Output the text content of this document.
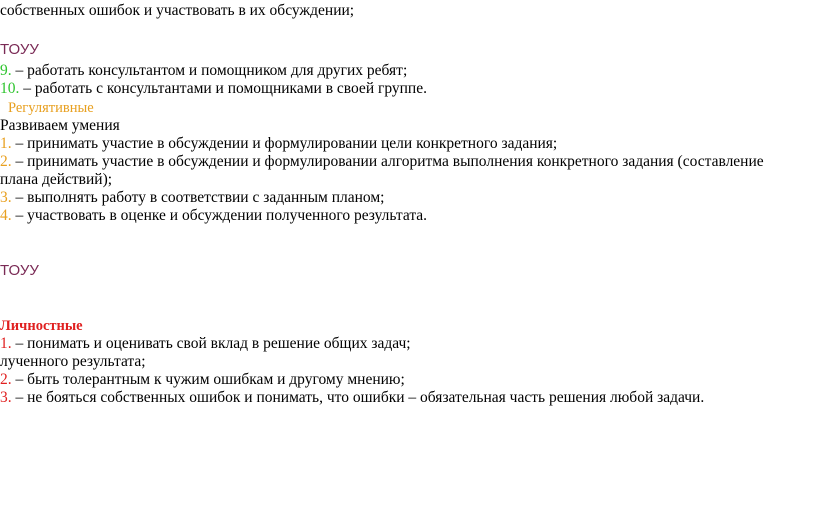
собственных ошибок и участвовать в их обсуждении;
ТОУУ
9. – работать консультантом и помощником для других ребят;
10. – работать с консультантами и помощниками в своей группе.
Регулятивные
Развиваем умения
1. – принимать участие в обсуждении и формулировании цели конкретного задания;
2. – принимать участие в обсуждении и формулировании алгоритма выполнения конкретного задания (составление плана действий);
3. – выполнять работу в соответствии с заданным планом;
4. – участвовать в оценке и обсуждении полученного результата.
ТОУУ
Личностные
1. – понимать и оценивать свой вклад в решение общих задач;
лученного результата;
2. – быть толерантным к чужим ошибкам и другому мнению;
3. – не бояться собственных ошибок и понимать, что ошибки – обязательная часть решения любой задачи.
